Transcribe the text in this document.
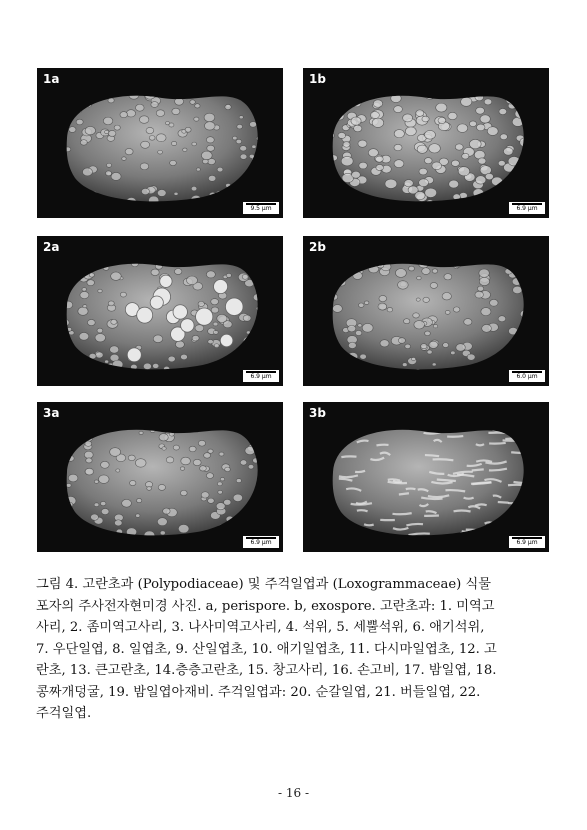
1a
9.5 μm
1b
6.9 μm
2a
6.9 μm
2b
6.0 μm
3a
6.9 μm
3b
6.9 μm

그림 4. 고란초과 (Polypodiaceae) 및 주걱일엽과 (Loxogrammaceae) 식물

포자의 주사전자현미경 사진. a, perispore. b, exospore. 고란초과: 1. 미역고

사리, 2. 좀미역고사리, 3. 나사미역고사리, 4. 석위, 5. 세뿔석위, 6. 애기석위,

7. 우단일엽, 8. 일엽초, 9. 산일엽초, 10. 애기일엽초, 11. 다시마일엽초, 12. 고

란초, 13. 큰고란초, 14.층층고란초, 15. 창고사리, 16. 손고비, 17. 밤일엽, 18.

콩짜개덩굴, 19. 밤일엽아재비. 주걱일엽과: 20. 순갈일엽, 21. 버들일엽, 22.

주걱일엽.

- 16 -
